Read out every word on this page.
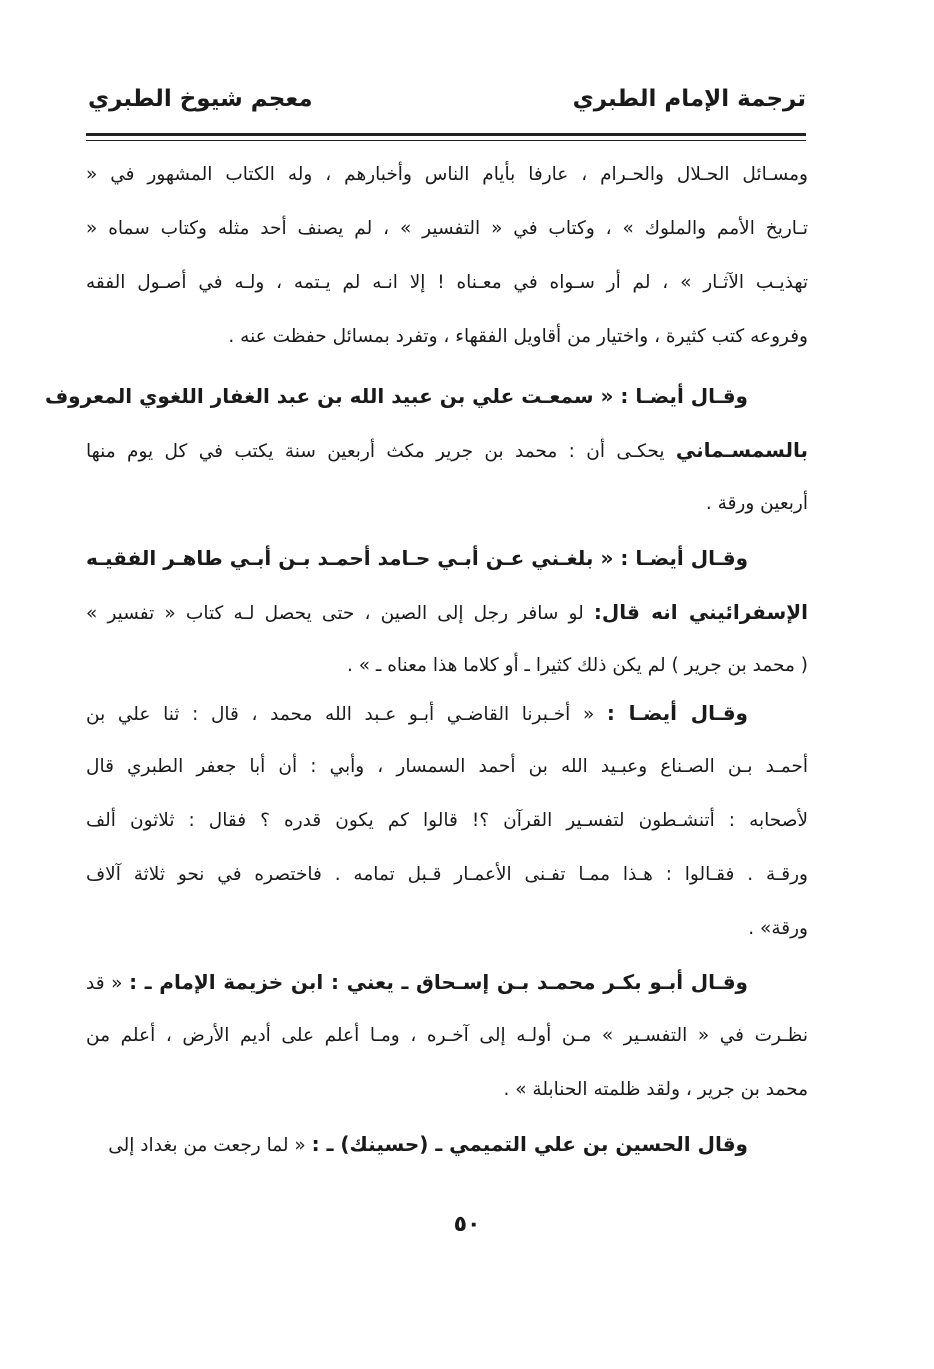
ترجمة الإمام الطبري
معجم شيوخ الطبري
ومسـائل الحـلال والحـرام ، عارفا بأيام الناس وأخبارهم ، وله الكتاب المشهور في «
تـاريخ الأمم والملوك » ، وكتاب في « التفسير » ، لم يصنف أحد مثله وكتاب سماه «
تهذيـب الآثـار » ، لم أر سـواه في معـناه ! إلا انـه لم يـتمه ، ولـه في أصـول الفقه
وفروعه كتب كثيرة ، واختيار من أقاويل الفقهاء ، وتفرد بمسائل حفظت عنه .
وقـال أيضـا : « سمعـت علي بن عبيد الله بن عبد الغفار اللغوي المعروف
بالسمسـماني يحكـى أن : محمد بن جرير مكث أربعين سنة يكتب في كل يوم منها
أربعين ورقة .
وقـال أيضـا : « بلغـني عـن أبـي حـامد أحمـد بـن أبـي طاهـر الفقيـه
الإسفرائيني انه قال: لو سافر رجل إلى الصين ، حتى يحصل لـه كتاب « تفسير »
( محمد بن جرير ) لم يكن ذلك كثيرا ـ أو كلاما هذا معناه ـ » .
وقـال أيضـا : « أخـبرنا القاضـي أبـو عـبد الله محمد ، قال : ثنا علي بن
أحمـد بـن الصـناع وعبـيد الله بن أحمد السمسار ، وأبي : أن أبا جعفر الطبري قال
لأصحابه : أتنشـطون لتفسـير القرآن ؟! قالوا كم يكون قدره ؟ فقال : ثلاثون ألف
ورقـة . فقـالوا : هـذا ممـا تفـنى الأعمـار قـبل تمامه . فاختصره في نحو ثلاثة آلاف
ورقة» .
وقـال أبـو بكـر محمـد بـن إسـحاق ـ يعني : ابن خزيمة الإمام ـ : « قد
نظـرت في « التفسـير » مـن أولـه إلى آخـره ، ومـا أعلم على أديم الأرض ، أعلم من
محمد بن جرير ، ولقد ظلمته الحنابلة » .
وقال الحسين بن علي التميمي ـ (حسينك) ـ : « لما رجعت من بغداد إلى
٥٠
